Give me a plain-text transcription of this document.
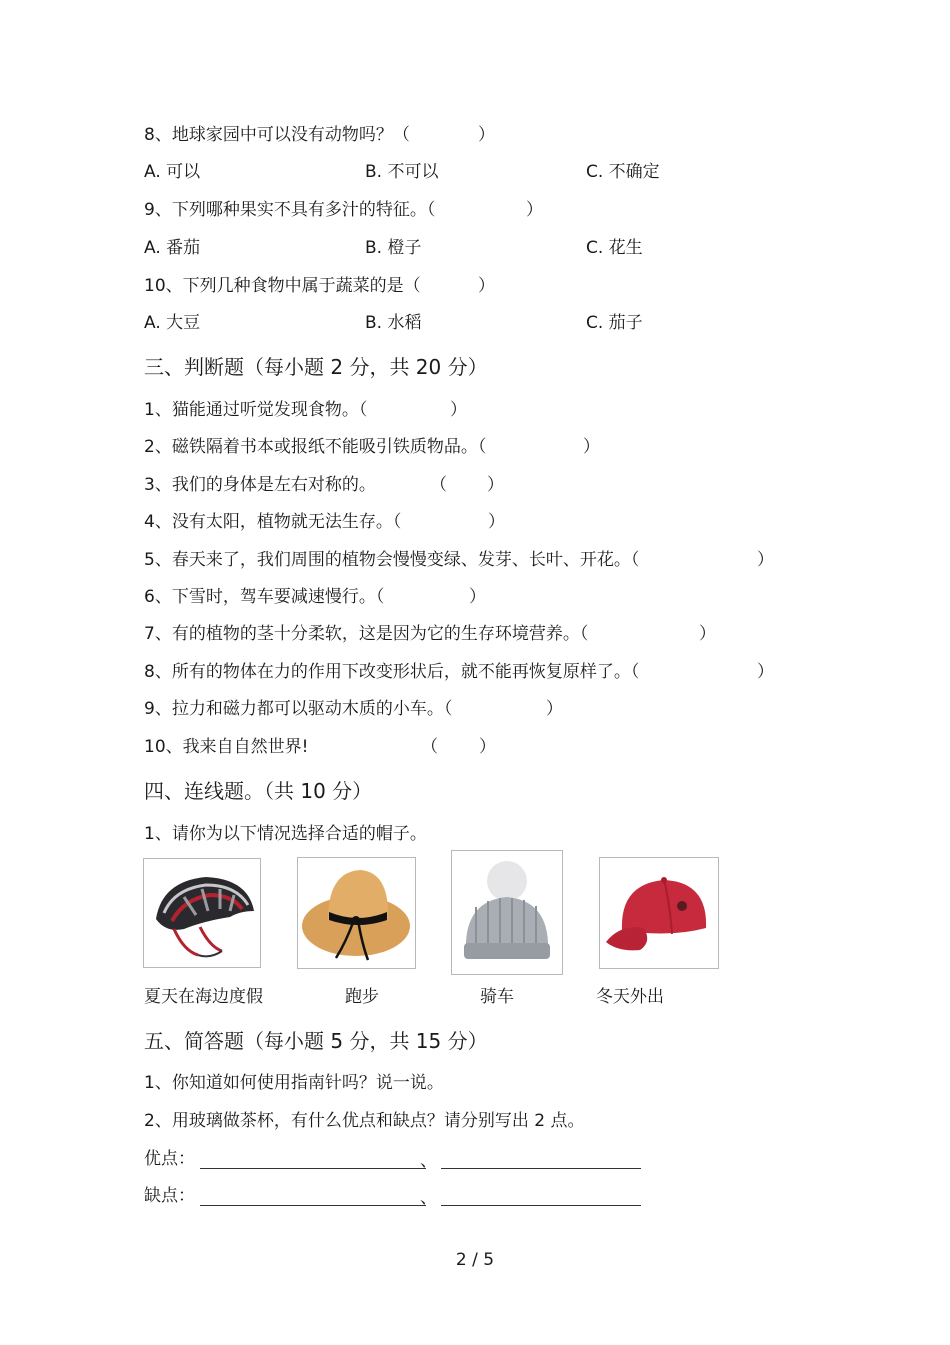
8、地球家园中可以没有动物吗？（	）
A. 可以	B. 不可以	C. 不确定
9、下列哪种果实不具有多汁的特征。（	）
A. 番茄	B. 橙子	C. 花生
10、下列几种食物中属于蔬菜的是（	）
A. 大豆	B. 水稻	C. 茄子
三、判断题（每小题 2 分，共 20 分）
1、猫能通过听觉发现食物。（	）
2、磁铁隔着书本或报纸不能吸引铁质物品。（	）
3、我们的身体是左右对称的。	（ ）
4、没有太阳，植物就无法生存。（	）
5、春天来了，我们周围的植物会慢慢变绿、发芽、长叶、开花。（	）
6、下雪时，驾车要减速慢行。（	）
7、有的植物的茎十分柔软，这是因为它的生存环境营养。（	）
8、所有的物体在力的作用下改变形状后，就不能再恢复原样了。（	）
9、拉力和磁力都可以驱动木质的小车。（	）
10、我来自自然世界!	（ ）
四、连线题。（共 10 分）
1、请你为以下情况选择合适的帽子。
夏天在海边度假	跑步	骑车	冬天外出
五、简答题（每小题 5 分，共 15 分）
1、你知道如何使用指南针吗？说一说。
2、用玻璃做茶杯，有什么优点和缺点？请分别写出 2 点。
优点：	、
缺点：	、
2 / 5
